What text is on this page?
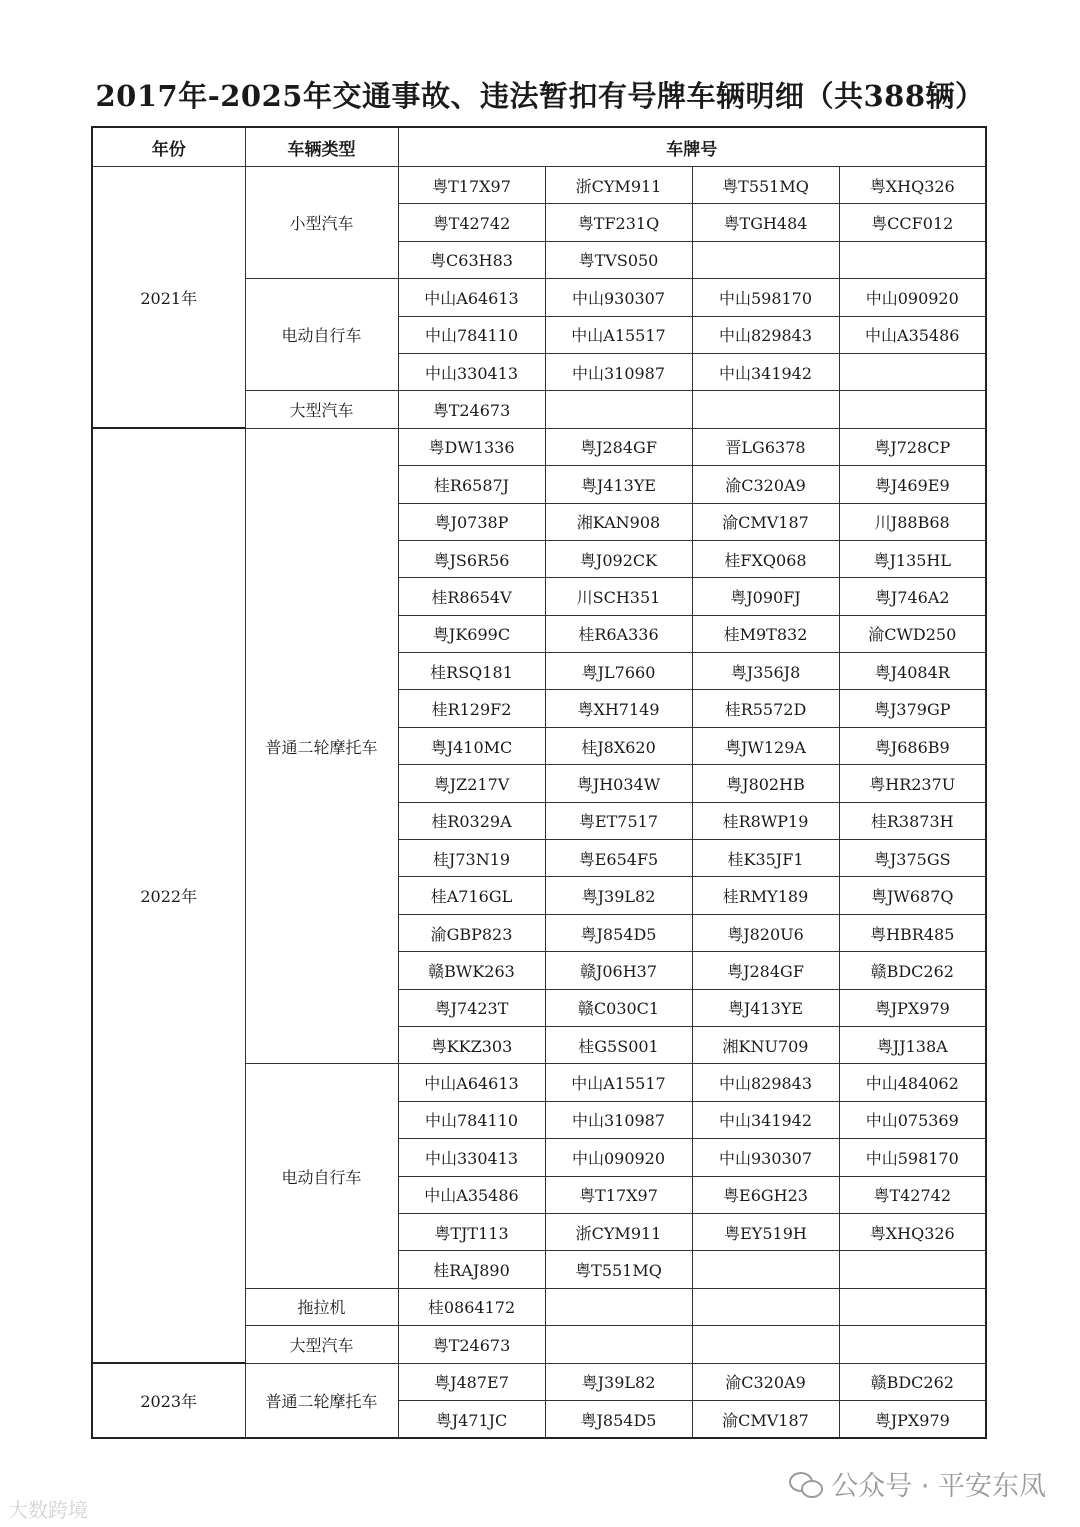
2017年-2025年交通事故、违法暂扣有号牌车辆明细（共388辆）
年份	车辆类型	车牌号			
2021年	小型汽车	粤T17X97	浙CYM911	粤T551MQ	粤XHQ326
		粤T42742	粤TF231Q	粤TGH484	粤CCF012
		粤C63H83	粤TVS050		
	电动自行车	中山A64613	中山930307	中山598170	中山090920
		中山784110	中山A15517	中山829843	中山A35486
		中山330413	中山310987	中山341942	
	大型汽车	粤T24673			
2022年	普通二轮摩托车	粤DW1336	粤J284GF	晋LG6378	粤J728CP
		桂R6587J	粤J413YE	渝C320A9	粤J469E9
		粤J0738P	湘KAN908	渝CMV187	川J88B68
		粤JS6R56	粤J092CK	桂FXQ068	粤J135HL
		桂R8654V	川SCH351	粤J090FJ	粤J746A2
		粤JK699C	桂R6A336	桂M9T832	渝CWD250
		桂RSQ181	粤JL7660	粤J356J8	粤J4084R
		桂R129F2	粤XH7149	桂R5572D	粤J379GP
		粤J410MC	桂J8X620	粤JW129A	粤J686B9
		粤JZ217V	粤JH034W	粤J802HB	粤HR237U
		桂R0329A	粤ET7517	桂R8WP19	桂R3873H
		桂J73N19	粤E654F5	桂K35JF1	粤J375GS
		桂A716GL	粤J39L82	桂RMY189	粤JW687Q
		渝GBP823	粤J854D5	粤J820U6	粤HBR485
		赣BWK263	赣J06H37	粤J284GF	赣BDC262
		粤J7423T	赣C030C1	粤J413YE	粤JPX979
		粤KKZ303	桂G5S001	湘KNU709	粤JJ138A
	电动自行车	中山A64613	中山A15517	中山829843	中山484062
		中山784110	中山310987	中山341942	中山075369
		中山330413	中山090920	中山930307	中山598170
		中山A35486	粤T17X97	粤E6GH23	粤T42742
		粤TJT113	浙CYM911	粤EY519H	粤XHQ326
		桂RAJ890	粤T551MQ		
	拖拉机	桂0864172			
	大型汽车	粤T24673			
2023年	普通二轮摩托车	粤J487E7	粤J39L82	渝C320A9	赣BDC262
		粤J471JC	粤J854D5	渝CMV187	粤JPX979
大数跨境
公众号 · 平安东凤
